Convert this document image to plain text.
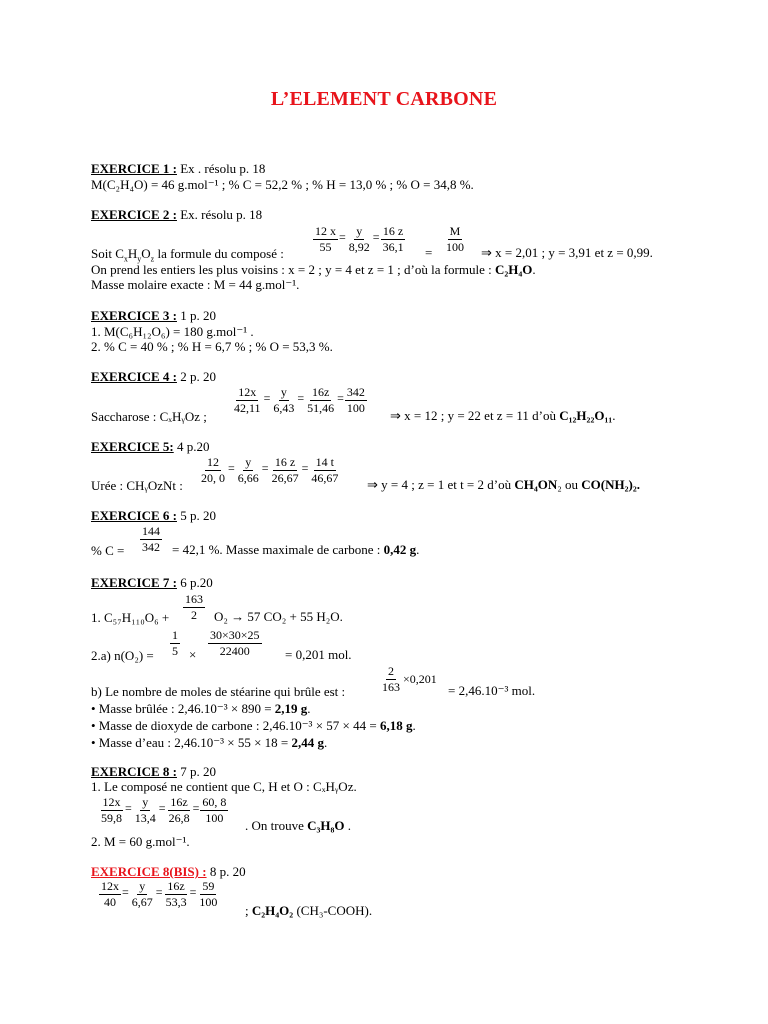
L’ELEMENT CARBONE
EXERCICE 1 : Ex . résolu p. 18
M(C₂H₄O) = 46 g.mol⁻¹ ; % C = 52,2 % ; % H = 13,0 % ; % O = 34,8 %.
EXERCICE 2 : Ex. résolu p. 18
$\frac{12 x}{55} = \frac{y}{8,92} = \frac{16 z}{36,1}$	M
100
Soit $C_xH_yO_z$ la formule du composé :	=	⇒ x = 2,01 ; y = 3,91 et z = 0,99.
On prend les entiers les plus voisins : x = 2 ; y = 4 et z = 1 ; d’où la formule : C₂H₄O.
Masse molaire exacte : M = 44 g.mol⁻¹.
EXERCICE 3 : 1 p. 20
1. M(C₆H₁₂O₆) = 180 g.mol⁻¹ .
2. % C = 40 % ; % H = 6,7 % ; % O = 53,3 %.
EXERCICE 4 : 2 p. 20
$\frac{12x}{42,11} = \frac{y}{6,43} = \frac{16z}{51,46} = \frac{342}{100}$
Saccharose : CₓHᵧOz ;	⇒ x = 12 ; y = 22 et z = 11 d’où C₁₂H₂₂O₁₁.
EXERCICE 5: 4 p.20
$\frac{12}{20, 0} = \frac{y}{6,66} = \frac{16 z}{26,67} = \frac{14 t}{46,67}$
Urée : CHᵧOzNt :	⇒ y = 4 ; z = 1 et t = 2 d’où CH₄ON₂ ou CO(NH₂)₂.
EXERCICE 6 : 5 p. 20
144
342
% C =	= 42,1 %. Masse maximale de carbone : 0,42 g.
EXERCICE 7 : 6 p.20
163
2
1. C₅₇H₁₁₀O₆ +	O₂ → 57 CO₂ + 55 H₂O.
1
5 ×
30×30×25
22400
2.a) n(O₂) =	= 0,201 mol.
$\frac{2}{163} \times 0,201$
b) Le nombre de moles de stéarine qui brûle est :	= 2,46.10⁻³ mol.
• Masse brûlée : 2,46.10⁻³ × 890 = 2,19 g.
• Masse de dioxyde de carbone : 2,46.10⁻³ × 57 × 44 = 6,18 g.
• Masse d’eau : 2,46.10⁻³ × 55 × 18 = 2,44 g.
EXERCICE 8 : 7 p. 20
1. Le composé ne contient que C, H et O : CₓHᵧOz.
$\frac{12x}{59,8} = \frac{y}{13,4} = \frac{16z}{26,8} = \frac{60, 8}{100}$ . On trouve C₃H₈O .
2. M = 60 g.mol⁻¹.
EXERCICE 8(BIS) : 8 p. 20
$\frac{12x}{40} = \frac{y}{6,67} = \frac{16z}{53,3} = \frac{59}{100}$
; C₂H₄O₂ (CH₃-COOH).
